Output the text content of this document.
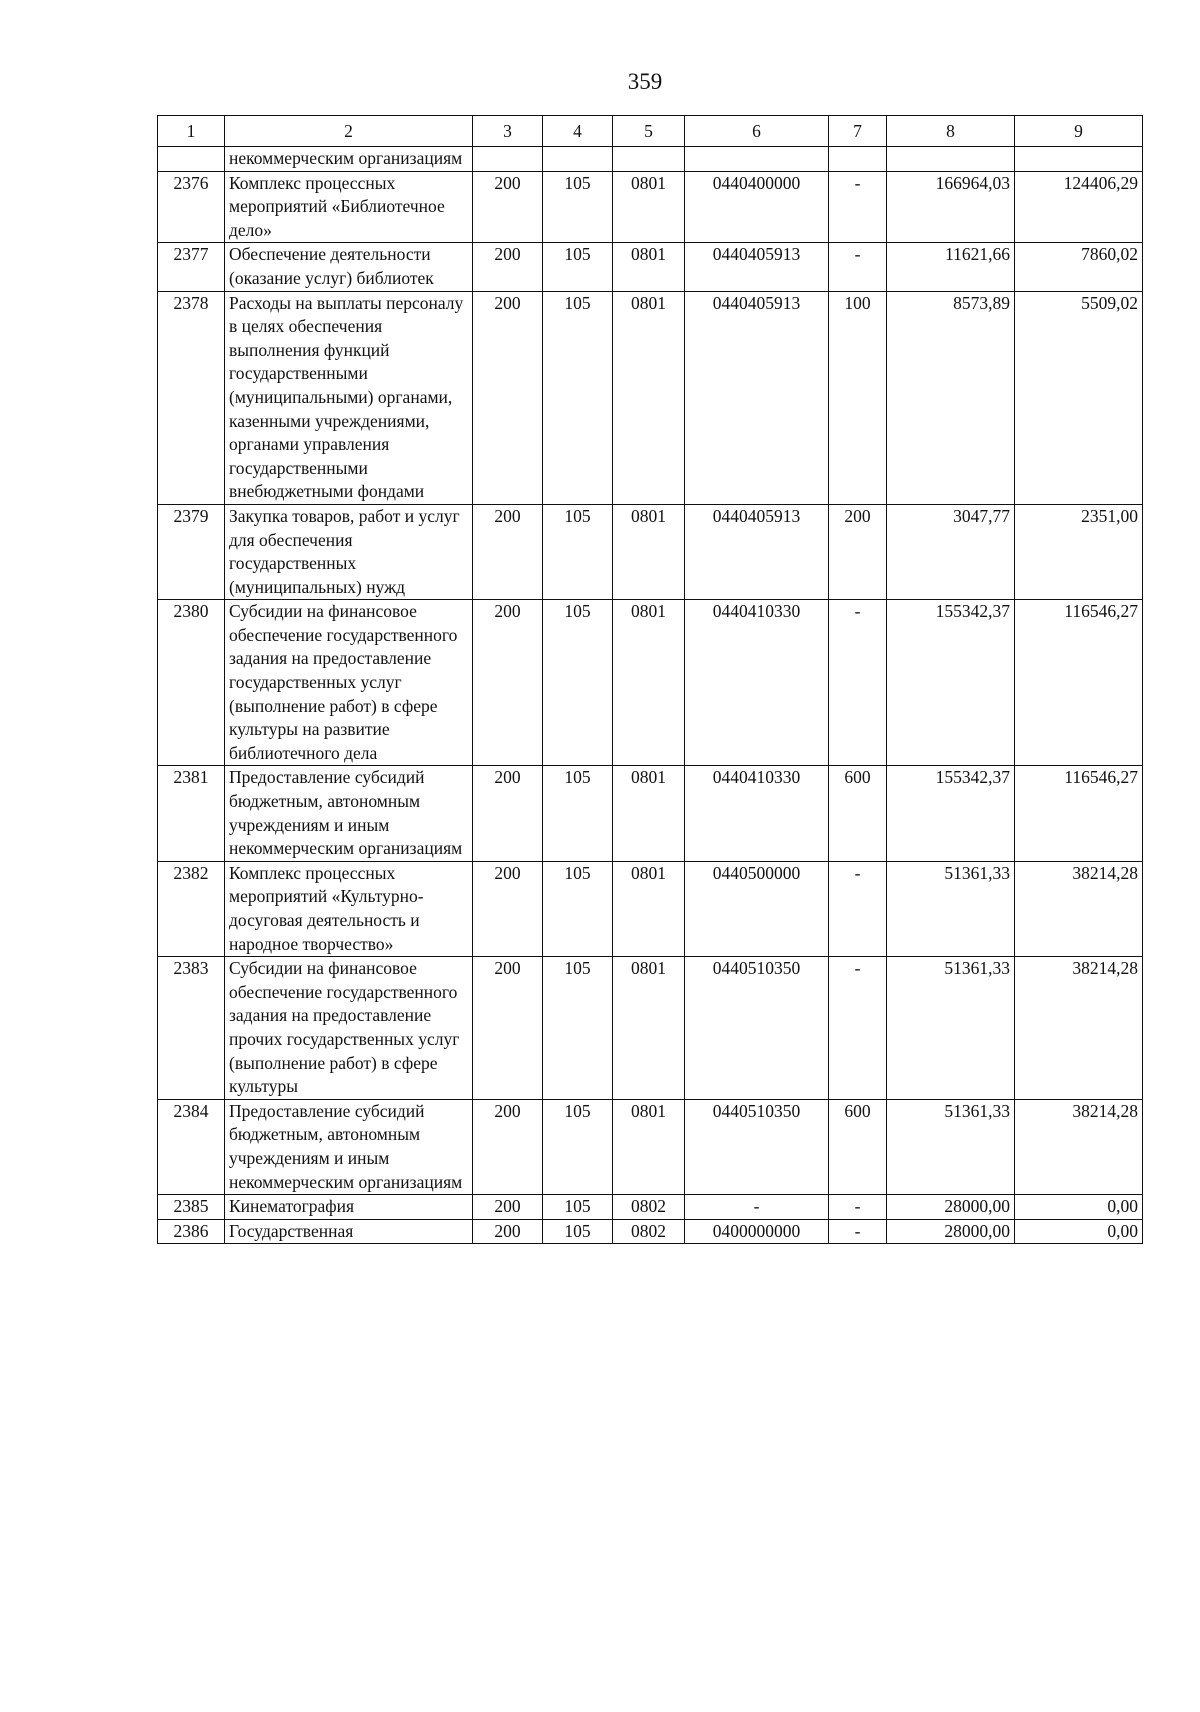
359
1	2	3	4	5	6	7	8	9
	некоммерческим организациям							
2376	Комплекс процессных мероприятий «Библиотечное дело»	200	105	0801	0440400000	-	166964,03	124406,29
2377	Обеспечение деятельности (оказание услуг) библиотек	200	105	0801	0440405913	-	11621,66	7860,02
2378	Расходы на выплаты персоналу в целях обеспечения выполнения функций государственными (муниципальными) органами, казенными учреждениями, органами управления государственными внебюджетными фондами	200	105	0801	0440405913	100	8573,89	5509,02
2379	Закупка товаров, работ и услуг для обеспечения государственных (муниципальных) нужд	200	105	0801	0440405913	200	3047,77	2351,00
2380	Субсидии на финансовое обеспечение государственного задания на предоставление государственных услуг (выполнение работ) в сфере культуры на развитие библиотечного дела	200	105	0801	0440410330	-	155342,37	116546,27
2381	Предоставление субсидий бюджетным, автономным учреждениям и иным некоммерческим организациям	200	105	0801	0440410330	600	155342,37	116546,27
2382	Комплекс процессных мероприятий «Культурно-досуговая деятельность и народное творчество»	200	105	0801	0440500000	-	51361,33	38214,28
2383	Субсидии на финансовое обеспечение государственного задания на предоставление прочих государственных услуг (выполнение работ) в сфере культуры	200	105	0801	0440510350	-	51361,33	38214,28
2384	Предоставление субсидий бюджетным, автономным учреждениям и иным некоммерческим организациям	200	105	0801	0440510350	600	51361,33	38214,28
2385	Кинематография	200	105	0802	-	-	28000,00	0,00
2386	Государственная	200	105	0802	0400000000	-	28000,00	0,00
